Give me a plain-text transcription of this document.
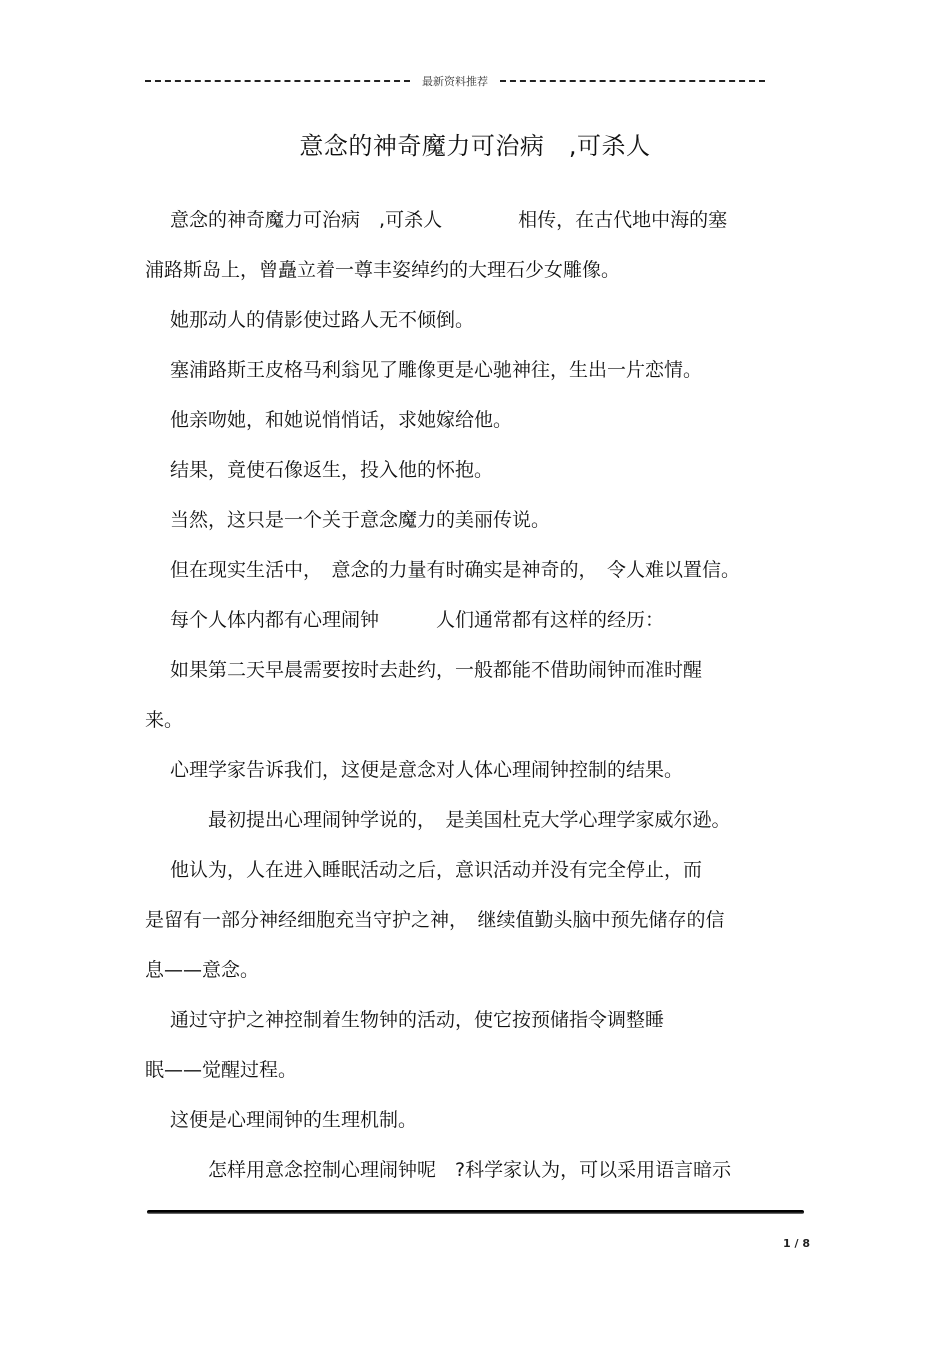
最新资料推荐
意念的神奇魔力可治病　,可杀人
　 意念的神奇魔力可治病　,可杀人　　　　相传，在古代地中海的塞
浦路斯岛上，曾矗立着一尊丰姿绰约的大理石少女雕像。
　 她那动人的倩影使过路人无不倾倒。
　 塞浦路斯王皮格马利翁见了雕像更是心驰神往，生出一片恋情。
　 他亲吻她，和她说悄悄话，求她嫁给他。
　 结果，竟使石像返生，投入他的怀抱。
　 当然，这只是一个关于意念魔力的美丽传说。
　 但在现实生活中，　意念的力量有时确实是神奇的，　令人难以置信。
　 每个人体内都有心理闹钟　　　人们通常都有这样的经历：
　 如果第二天早晨需要按时去赴约，一般都能不借助闹钟而准时醒
来。
　 心理学家告诉我们，这便是意念对人体心理闹钟控制的结果。
　　　 最初提出心理闹钟学说的，　是美国杜克大学心理学家威尔逊。
　 他认为，人在进入睡眠活动之后，意识活动并没有完全停止，而
是留有一部分神经细胞充当守护之神，　继续值勤头脑中预先储存的信
息——意念。
　 通过守护之神控制着生物钟的活动，使它按预储指令调整睡
眠——觉醒过程。
　 这便是心理闹钟的生理机制。
　　　 怎样用意念控制心理闹钟呢　?科学家认为，可以采用语言暗示
1 / 8
